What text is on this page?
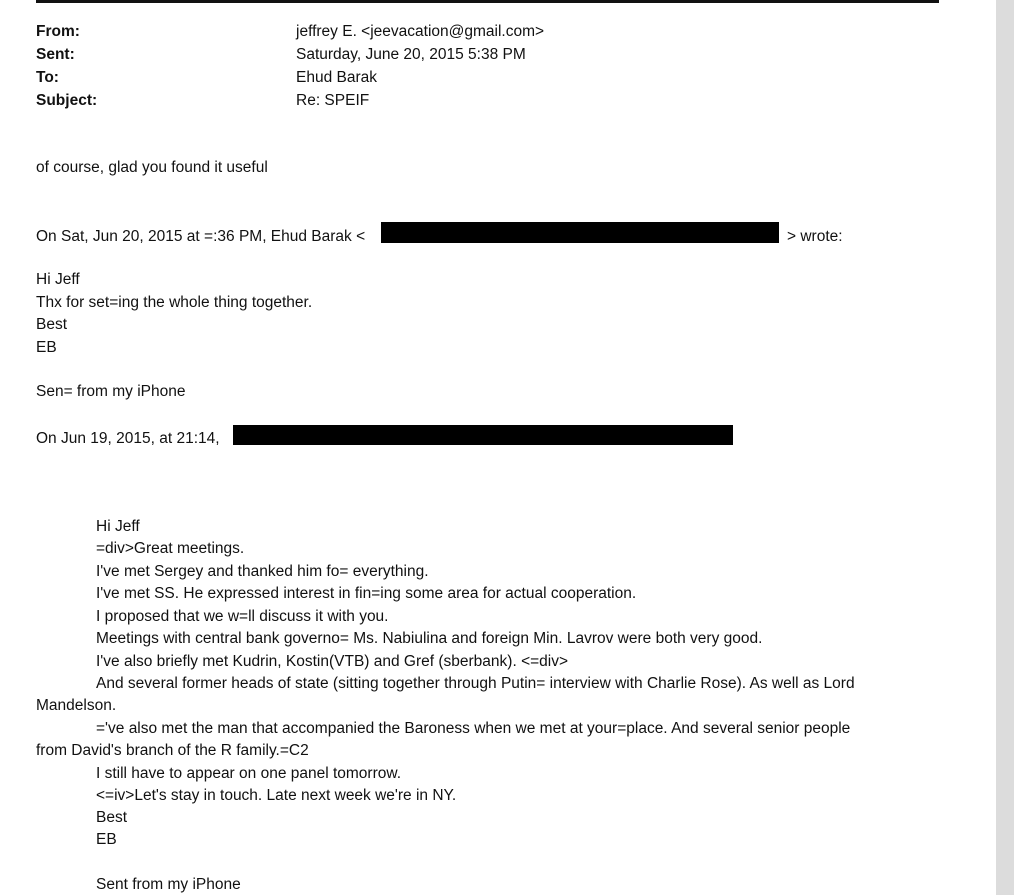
From:	jeffrey E. <jeevacation@gmail.com>
Sent:	Saturday, June 20, 2015 5:38 PM
To:	Ehud Barak
Subject:	Re: SPEIF
of course, glad you found it useful
On Sat, Jun 20, 2015 at =:36 PM, Ehud Barak <	> wrote:
Hi Jeff
Thx for set=ing the whole thing together.
Best
EB
Sen= from my iPhone
On Jun 19, 2015, at 21:14,
Hi Jeff
=div>Great meetings.
I've met Sergey and thanked him fo= everything.
I've met SS. He expressed interest in fin=ing some area for actual cooperation.
I proposed that we w=ll discuss it with you.
Meetings with central bank governo= Ms. Nabiulina and foreign Min. Lavrov were both very good.
I've also briefly met Kudrin, Kostin(VTB) and Gref (sberbank). <=div>
And several former heads of state (sitting together through Putin= interview with Charlie Rose). As well as Lord
Mandelson.
='ve also met the man that accompanied the Baroness when we met at your=place. And several senior people
from David's branch of the R family.=C2
I still have to appear on one panel tomorrow.
<=iv>Let's stay in touch. Late next week we're in NY.
Best
EB
Sent from my iPhone
